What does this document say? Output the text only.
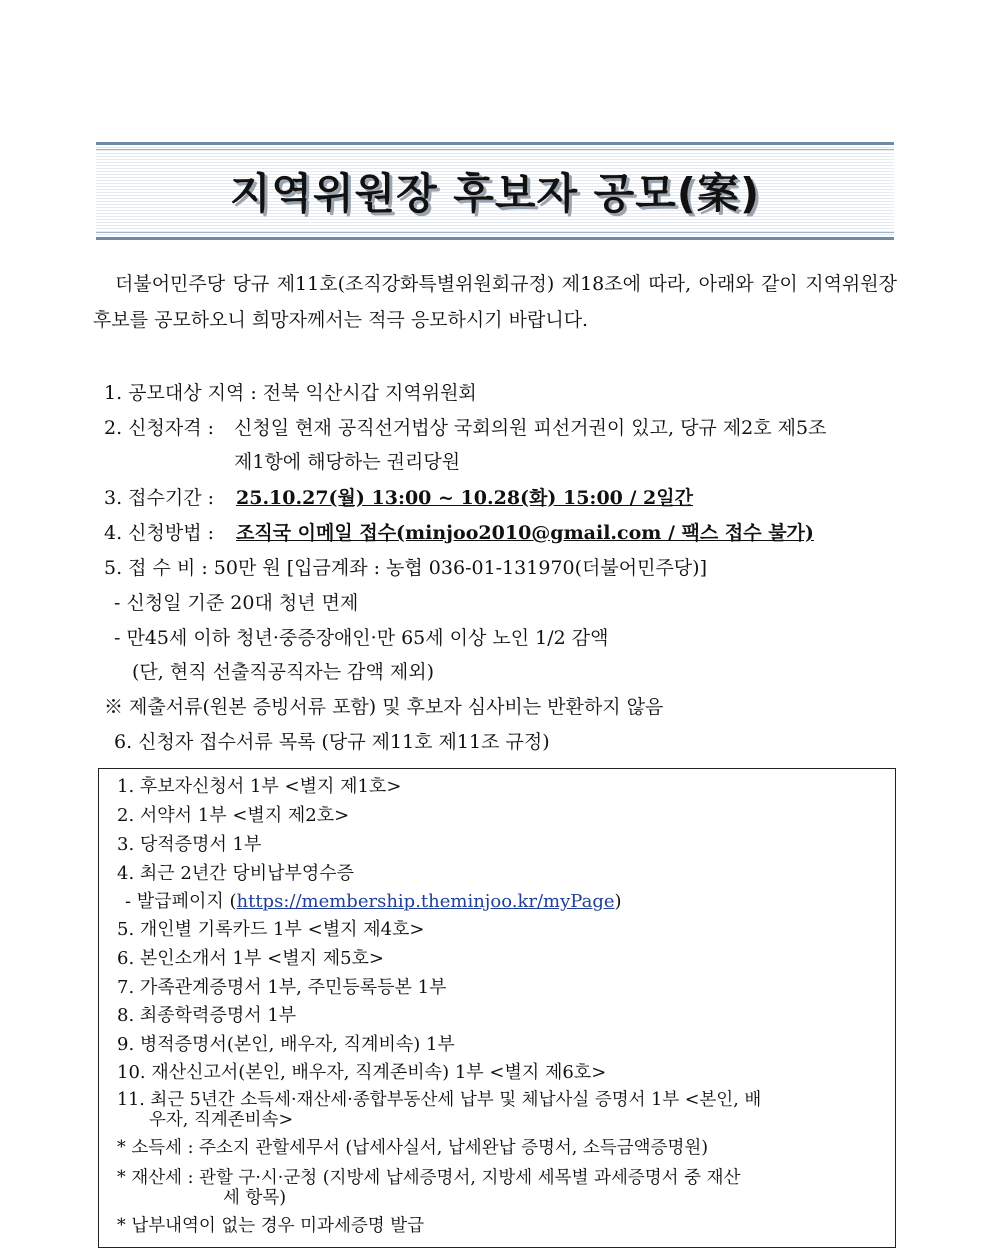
지역위원장 후보자 공모(案)
더불어민주당 당규 제11호(조직강화특별위원회규정) 제18조에 따라, 아래와 같이 지역위원장 후보를 공모하오니 희망자께서는 적극 응모하시기 바랍니다.
1. 공모대상 지역 : 전북 익산시갑 지역위원회
2. 신청자격 : 신청일 현재 공직선거법상 국회의원 피선거권이 있고, 당규 제2호 제5조
제1항에 해당하는 권리당원
3. 접수기간 : 25.10.27(월) 13:00 ~ 10.28(화) 15:00 / 2일간
4. 신청방법 : 조직국 이메일 접수(minjoo2010@gmail.com / 팩스 접수 불가)
5. 접 수 비 : 50만 원 [입금계좌 : 농협 036-01-131970(더불어민주당)]
- 신청일 기준 20대 청년 면제
- 만45세 이하 청년·중증장애인·만 65세 이상 노인 1/2 감액
(단, 현직 선출직공직자는 감액 제외)
※ 제출서류(원본 증빙서류 포함) 및 후보자 심사비는 반환하지 않음
6. 신청자 접수서류 목록 (당규 제11호 제11조 규정)
1. 후보자신청서 1부 <별지 제1호>
2. 서약서 1부 <별지 제2호>
3. 당적증명서 1부
4. 최근 2년간 당비납부영수증
- 발급페이지 (https://membership.theminjoo.kr/myPage)
5. 개인별 기록카드 1부 <별지 제4호>
6. 본인소개서 1부 <별지 제5호>
7. 가족관계증명서 1부, 주민등록등본 1부
8. 최종학력증명서 1부
9. 병적증명서(본인, 배우자, 직계비속) 1부
10. 재산신고서(본인, 배우자, 직계존비속) 1부 <별지 제6호>
11. 최근 5년간 소득세·재산세·종합부동산세 납부 및 체납사실 증명서 1부 <본인, 배
우자, 직계존비속>
* 소득세 : 주소지 관할세무서 (납세사실서, 납세완납 증명서, 소득금액증명원)
* 재산세 : 관할 구·시·군청 (지방세 납세증명서, 지방세 세목별 과세증명서 중 재산
세 항목)
* 납부내역이 없는 경우 미과세증명 발급
